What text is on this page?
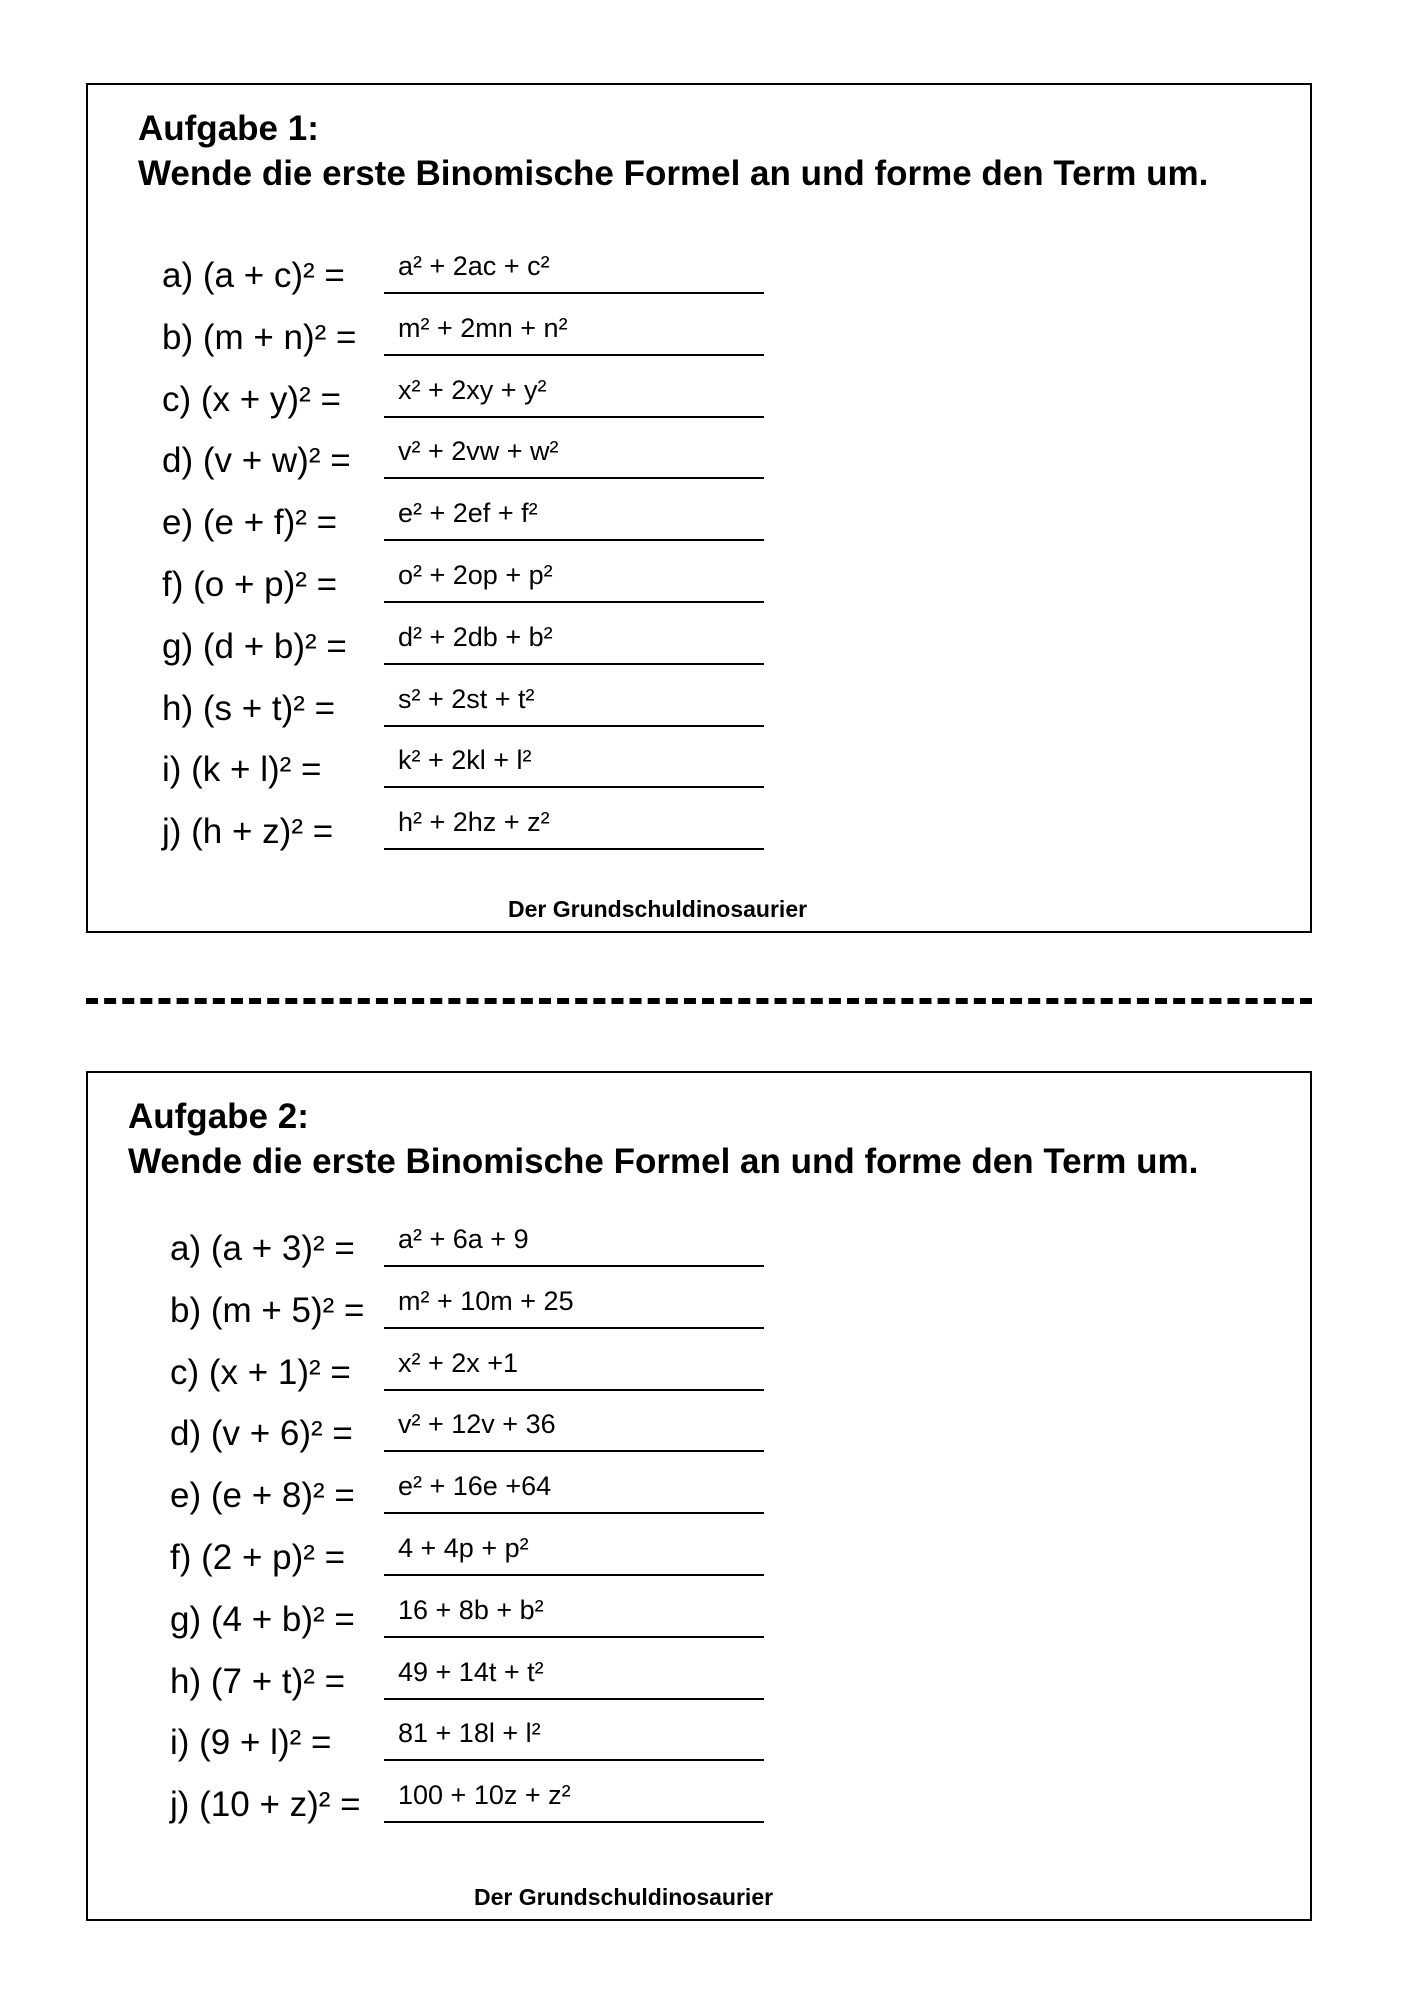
Aufgabe 1:
Wende die erste Binomische Formel an und forme den Term um.
a) (a + c)² = a² + 2ac + c²
b) (m + n)² = m² + 2mn + n²
c) (x + y)² = x² + 2xy + y²
d) (v + w)² = v² + 2vw + w²
e) (e + f)² = e² + 2ef + f²
f) (o + p)² = o² + 2op + p²
g) (d + b)² = d² + 2db + b²
h) (s + t)² = s² + 2st + t²
i) (k + l)² =	k² + 2kl + l²
j) (h + z)² = h² + 2hz + z²
Der Grundschuldinosaurier
Aufgabe 2:
Wende die erste Binomische Formel an und forme den Term um.
a) (a + 3)² = a² + 6a + 9
b) (m + 5)² = m² + 10m + 25
c) (x + 1)² = x² + 2x +1
d) (v + 6)² = v² + 12v + 36
e) (e + 8)² = e² + 16e +64
f) (2 + p)² = 4 + 4p + p²
g) (4 + b)² = 16 + 8b + b²
h) (7 + t)² = 49 + 14t + t²
i) (9 + l)² = 81 + 18l + l²
j) (10 + z)² = 100 + 10z + z²
Der Grundschuldinosaurier
